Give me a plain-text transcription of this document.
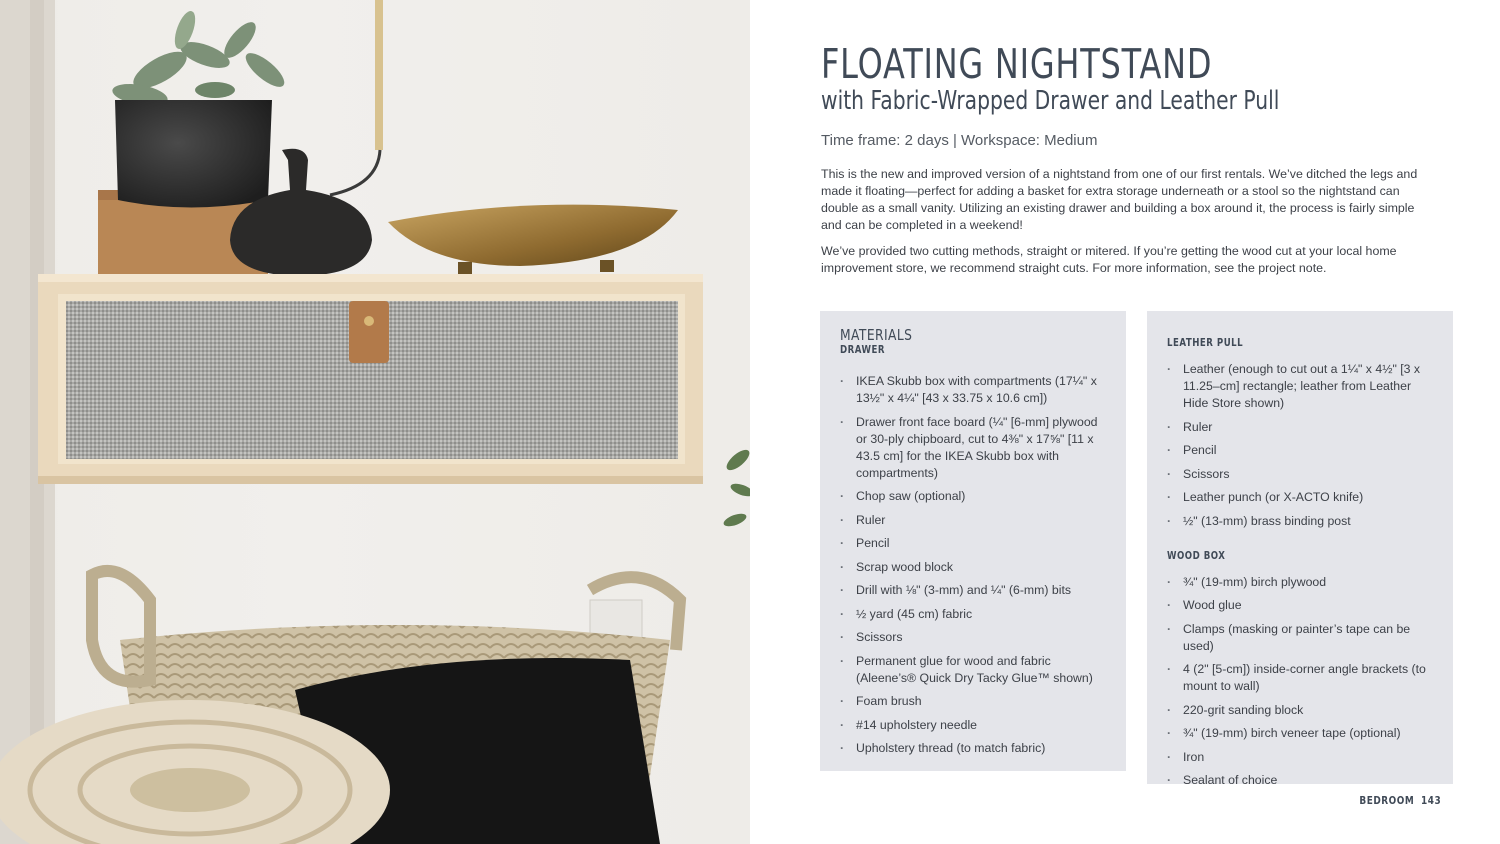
FLOATING NIGHTSTAND
with Fabric-Wrapped Drawer and Leather Pull

Time frame: 2 days | Workspace: Medium

This is the new and improved version of a nightstand from one of our first rentals. We’ve ditched the legs and made it floating—perfect for adding a basket for extra storage underneath or a stool so the nightstand can double as a small vanity. Utilizing an existing drawer and building a box around it, the process is fairly simple and can be completed in a weekend!

We’ve provided two cutting methods, straight or mitered. If you’re getting the wood cut at your local home improvement store, we recommend straight cuts. For more information, see the project note.

MATERIALS
DRAWER
· IKEA Skubb box with compartments (17¼" x 13½" x 4¼" [43 x 33.75 x 10.6 cm])
· Drawer front face board (¼" [6-mm] plywood or 30-ply chipboard, cut to 4⅜" x 17⅝" [11 x 43.5 cm] for the IKEA Skubb box with compartments)
· Chop saw (optional)
· Ruler
· Pencil
· Scrap wood block
· Drill with ⅛" (3-mm) and ¼" (6-mm) bits
· ½ yard (45 cm) fabric
· Scissors
· Permanent glue for wood and fabric (Aleene’s® Quick Dry Tacky Glue™ shown)
· Foam brush
· #14 upholstery needle
· Upholstery thread (to match fabric)
LEATHER PULL
· Leather (enough to cut out a 1¼" x 4½" [3 x 11.25–cm] rectangle; leather from Leather Hide Store shown)
· Ruler
· Pencil
· Scissors
· Leather punch (or X-ACTO knife)
· ½" (13-mm) brass binding post
WOOD BOX
· ¾" (19-mm) birch plywood
· Wood glue
· Clamps (masking or painter’s tape can be used)
· 4 (2" [5-cm]) inside-corner angle brackets (to mount to wall)
· 220-grit sanding block
· ¾" (19-mm) birch veneer tape (optional)
· Iron
· Sealant of choice
BEDROOM 143
